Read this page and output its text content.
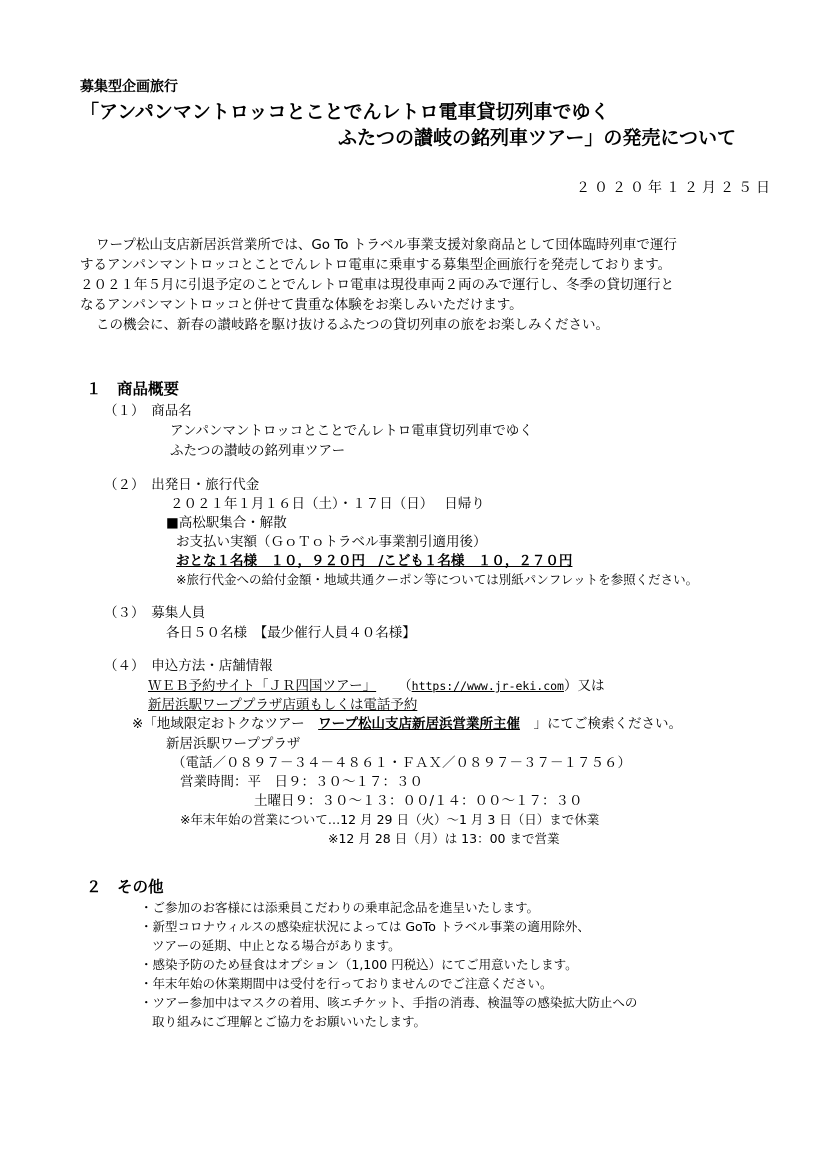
募集型企画旅行
「アンパンマントロッコとことでんレトロ電車貸切列車でゆく
ふたつの讃岐の銘列車ツアー」の発売について
２０２０年１２月２５日
ワープ松山支店新居浜営業所では、Go To トラベル事業支援対象商品として団体臨時列車で運行
するアンパンマントロッコとことでんレトロ電車に乗車する募集型企画旅行を発売しております。
２０２１年５月に引退予定のことでんレトロ電車は現役車両２両のみで運行し、冬季の貸切運行と
なるアンパンマントロッコと併せて貴重な体験をお楽しみいただけます。
この機会に、新春の讃岐路を駆け抜けるふたつの貸切列車の旅をお楽しみください。
１　商品概要
（１）　商品名
アンパンマントロッコとことでんレトロ電車貸切列車でゆく
ふたつの讃岐の銘列車ツアー
（２）　出発日・旅行代金
２０２１年１月１６日（土）・１７日（日）　 日帰り
■高松駅集合・解散
お支払い実額（ＧｏＴｏトラベル事業割引適用後）
おとな１名様　１０，９２０円　/こども１名様　１０，２７０円
※旅行代金への給付金額・地域共通クーポン等については別紙パンフレットを参照ください。
（３）　募集人員
各日５０名様　【最少催行人員４０名様】
（４）　申込方法・店舗情報
ＷＥＢ予約サイト「ＪＲ四国ツアー」 （https://www.jr-eki.com）又は
新居浜駅ワーププラザ店頭もしくは電話予約
※「地域限定おトクなツアー　ワープ松山支店新居浜営業所主催　」にてご検索ください。
新居浜駅ワーププラザ
（電話／０８９７－３４－４８６１・ＦＡＸ／０８９７－３７－１７５６）
営業時間：平　日９：３０～１７：３０
土曜日９：３０～１３：００/１４：００～１７：３０
※年末年始の営業について…12 月 29 日（火）～1 月 3 日（日）まで休業
※12 月 28 日（月）は 13：00 まで営業
２　その他
・ご参加のお客様には添乗員こだわりの乗車記念品を進呈いたします。
・新型コロナウィルスの感染症状況によっては GoTo トラベル事業の適用除外、
ツアーの延期、中止となる場合があります。
・感染予防のため昼食はオプション（1,100 円税込）にてご用意いたします。
・年末年始の休業期間中は受付を行っておりませんのでご注意ください。
・ツアー参加中はマスクの着用、咳エチケット、手指の消毒、検温等の感染拡大防止への
取り組みにご理解とご協力をお願いいたします。
